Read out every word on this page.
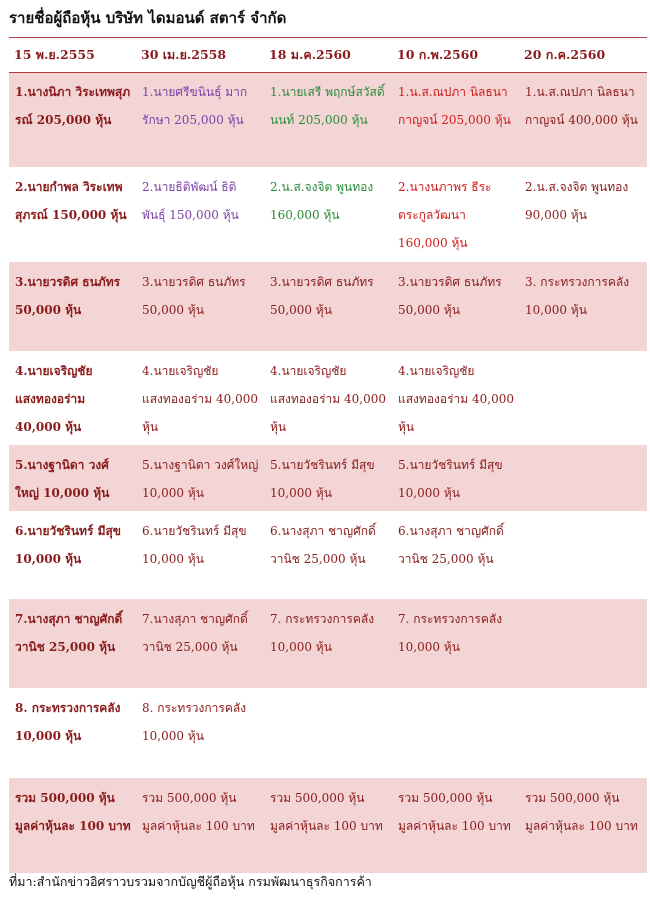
รายชื่อผู้ถือหุ้น บริษัท ไดมอนด์ สตาร์ จำกัด
15 พ.ย.2555	30 เม.ย.2558	18 ม.ค.2560	10 ก.พ.2560	20 ก.ค.2560
1.นางนิภา วิระเทพสุภรณ์ 205,000 หุ้น	1.นายศรีขนินธุ์ มากรักษา 205,000 หุ้น	1.นายเสรี พฤกษ์สวัสดิ์นนท์ 205,000 หุ้น	1.น.ส.ณปภา นิลธนากาญจน์ 205,000 หุ้น	1.น.ส.ณปภา นิลธนากาญจน์ 400,000 หุ้น
2.นายกำพล วิระเทพสุภรณ์ 150,000 หุ้น	2.นายธิติพัฒน์ ธิติพันธุ์ 150,000 หุ้น	2.น.ส.จงจิต พูนทอง 160,000 หุ้น	2.นางนภาพร ธีระตระกูลวัฒนา 160,000 หุ้น	2.น.ส.จงจิต พูนทอง 90,000 หุ้น
3.นายวรดิศ ธนภัทร 50,000 หุ้น	3.นายวรดิศ ธนภัทร 50,000 หุ้น	3.นายวรดิศ ธนภัทร 50,000 หุ้น	3.นายวรดิศ ธนภัทร 50,000 หุ้น	3. กระทรวงการคลัง 10,000 หุ้น
4.นายเจริญชัย แสงทองอร่าม 40,000 หุ้น	4.นายเจริญชัย แสงทองอร่าม 40,000 หุ้น	4.นายเจริญชัย แสงทองอร่าม 40,000 หุ้น	4.นายเจริญชัย แสงทองอร่าม 40,000 หุ้น	
5.นางฐานิดา วงศ์ใหญ่ 10,000 หุ้น	5.นางฐานิดา วงศ์ใหญ่ 10,000 หุ้น	5.นายวัชรินทร์ มีสุข 10,000 หุ้น	5.นายวัชรินทร์ มีสุข 10,000 หุ้น	
6.นายวัชรินทร์ มีสุข 10,000 หุ้น	6.นายวัชรินทร์ มีสุข 10,000 หุ้น	6.นางสุภา ชาญศักดิ์วานิช 25,000 หุ้น	6.นางสุภา ชาญศักดิ์วานิช 25,000 หุ้น	
7.นางสุภา ชาญศักดิ์วานิช 25,000 หุ้น	7.นางสุภา ชาญศักดิ์วานิช 25,000 หุ้น	7. กระทรวงการคลัง 10,000 หุ้น	7. กระทรวงการคลัง 10,000 หุ้น	
8. กระทรวงการคลัง 10,000 หุ้น	8. กระทรวงการคลัง 10,000 หุ้น			
รวม 500,000 หุ้น มูลค่าหุ้นละ 100 บาท	รวม 500,000 หุ้น มูลค่าหุ้นละ 100 บาท	รวม 500,000 หุ้น มูลค่าหุ้นละ 100 บาท	รวม 500,000 หุ้น มูลค่าหุ้นละ 100 บาท	รวม 500,000 หุ้น มูลค่าหุ้นละ 100 บาท
ที่มา:สำนักข่าวอิศราวบรวมจากบัญชีผู้ถือหุ้น กรมพัฒนาธุรกิจการค้า
